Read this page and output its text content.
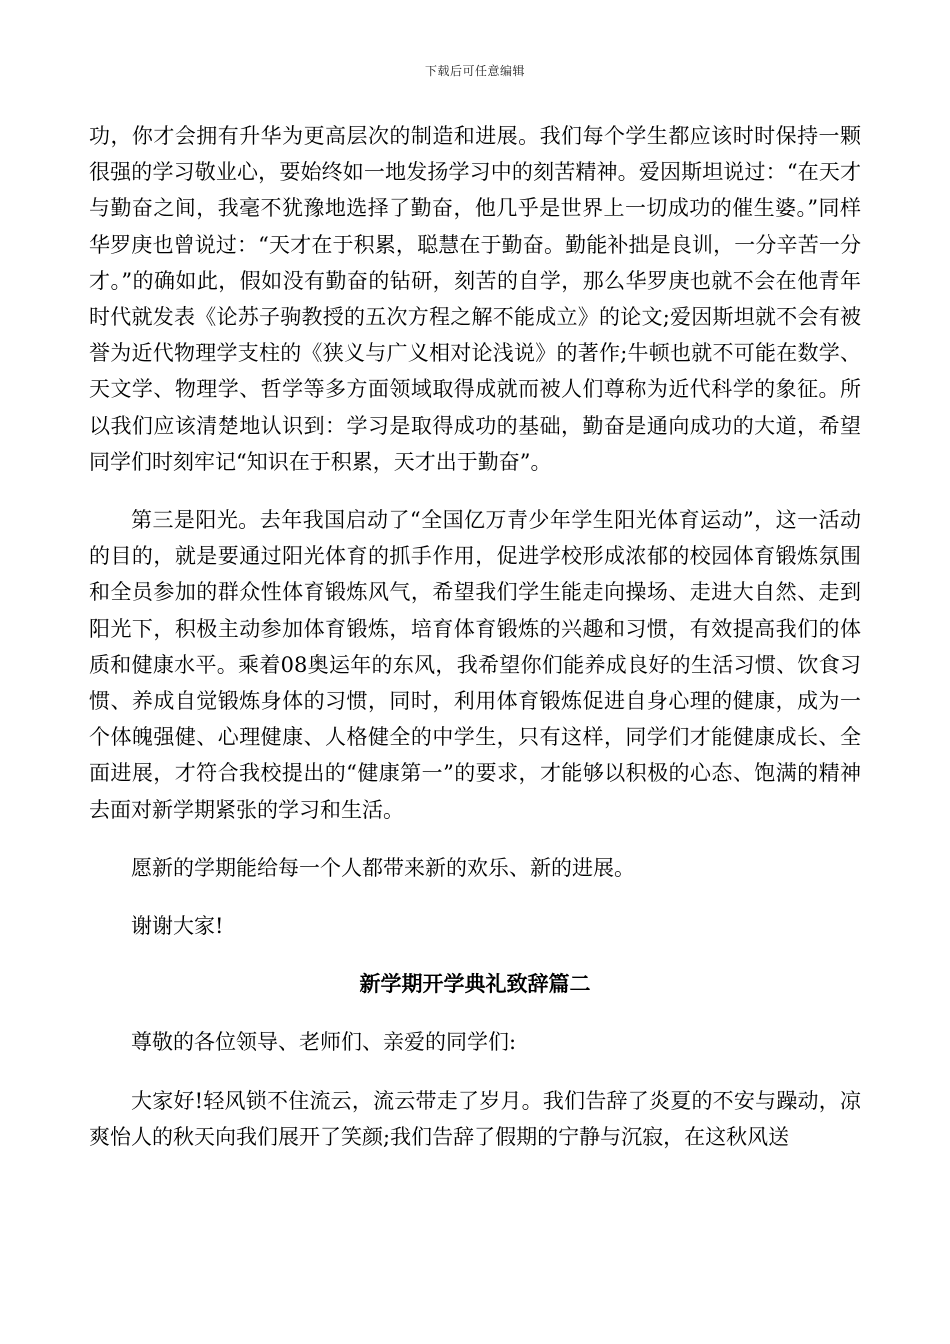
下载后可任意编辑

功，你才会拥有升华为更高层次的制造和进展。我们每个学生都应该时时保持一颗很强的学习敬业心，要始终如一地发扬学习中的刻苦精神。爱因斯坦说过：“在天才与勤奋之间，我毫不犹豫地选择了勤奋，他几乎是世界上一切成功的催生婆。”同样华罗庚也曾说过：“天才在于积累，聪慧在于勤奋。勤能补拙是良训，一分辛苦一分才。”的确如此，假如没有勤奋的钻研，刻苦的自学，那么华罗庚也就不会在他青年时代就发表《论苏子驹教授的五次方程之解不能成立》的论文;爱因斯坦就不会有被誉为近代物理学支柱的《狭义与广义相对论浅说》的著作;牛顿也就不可能在数学、天文学、物理学、哲学等多方面领域取得成就而被人们尊称为近代科学的象征。所以我们应该清楚地认识到：学习是取得成功的基础，勤奋是通向成功的大道，希望同学们时刻牢记“知识在于积累，天才出于勤奋”。

第三是阳光。去年我国启动了“全国亿万青少年学生阳光体育运动”，这一活动的目的，就是要通过阳光体育的抓手作用，促进学校形成浓郁的校园体育锻炼氛围和全员参加的群众性体育锻炼风气，希望我们学生能走向操场、走进大自然、走到阳光下，积极主动参加体育锻炼，培育体育锻炼的兴趣和习惯，有效提高我们的体质和健康水平。乘着08奥运年的东风，我希望你们能养成良好的生活习惯、饮食习惯、养成自觉锻炼身体的习惯，同时，利用体育锻炼促进自身心理的健康，成为一个体魄强健、心理健康、人格健全的中学生，只有这样，同学们才能健康成长、全面进展，才符合我校提出的“健康第一”的要求，才能够以积极的心态、饱满的精神去面对新学期紧张的学习和生活。

愿新的学期能给每一个人都带来新的欢乐、新的进展。

谢谢大家!

新学期开学典礼致辞篇二

尊敬的各位领导、老师们、亲爱的同学们:

大家好!轻风锁不住流云，流云带走了岁月。我们告辞了炎夏的不安与躁动，凉爽怡人的秋天向我们展开了笑颜;我们告辞了假期的宁静与沉寂，在这秋风送
